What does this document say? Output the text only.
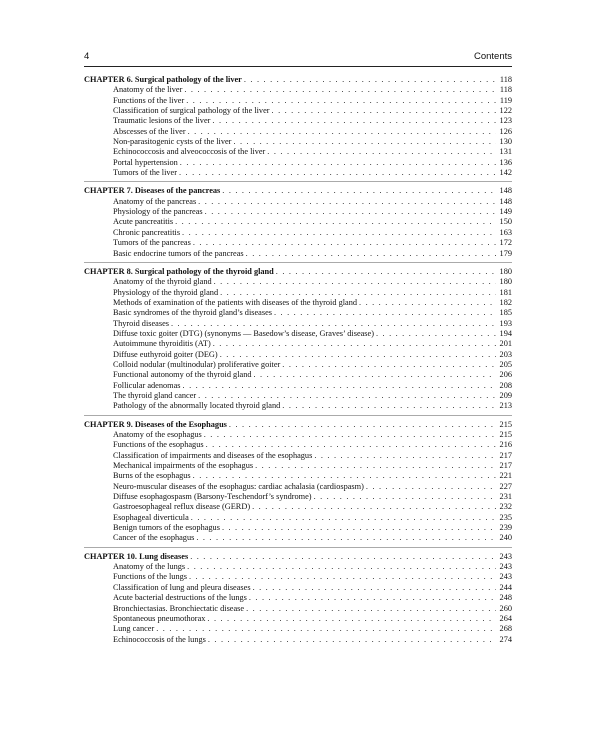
4	Contents
CHAPTER 6. Surgical pathology of the liver . . .	118
Anatomy of the liver . . .	118
Functions of the liver . . .	119
Classification of surgical pathology of the liver . . .	122
Traumatic lesions of the liver . . .	123
Abscesses of the liver . . .	126
Non-parasitogenic cysts of the liver . . .	130
Echinococcosis and alveococcosis of the liver . . .	131
Portal hypertension . . .	136
Tumors of the liver . . .	142
CHAPTER 7. Diseases of the pancreas . . .	148
Anatomy of the pancreas . . .	148
Physiology of the pancreas . . .	149
Acute pancreatitis . . .	150
Chronic pancreatitis . . .	163
Tumors of the pancreas . . .	172
Basic endocrine tumors of the pancreas . . .	179
CHAPTER 8. Surgical pathology of the thyroid gland . . .	180
Anatomy of the thyroid gland . . .	180
Physiology of the thyroid gland . . .	181
Methods of examination of the patients with diseases of the thyroid gland . . .	182
Basic syndromes of the thyroid gland’s diseases . . .	185
Thyroid diseases . . .	193
Diffuse toxic goiter (DTG) (synonyms — Basedow’s disease, Graves’ disease) . . .	194
Autoimmune thyroiditis (AT) . . .	201
Diffuse euthyroid goiter (DEG) . . .	203
Colloid nodular (multinodular) proliferative goiter . . .	205
Functional autonomy of the thyroid gland . . .	206
Follicular adenomas . . .	208
The thyroid gland cancer . . .	209
Pathology of the abnormally located thyroid gland . . .	213
CHAPTER 9. Diseases of the Esophagus . . .	215
Anatomy of the esophagus . . .	215
Functions of the esophagus . . .	216
Classification of impairments and diseases of the esophagus . . .	217
Mechanical impairments of the esophagus . . .	217
Burns of the esophagus . . .	221
Neuro-muscular diseases of the esophagus: cardiac achalasia (cardiospasm) . . .	227
Diffuse esophagospasm (Barsony-Teschendorf’s syndrome) . . .	231
Gastroesophageal reflux disease (GERD) . . .	232
Esophageal diverticula . . .	235
Benign tumors of the esophagus . . .	239
Cancer of the esophagus . . .	240
CHAPTER 10. Lung diseases . . .	243
Anatomy of the lungs . . .	243
Functions of the lungs . . .	243
Classification of lung and pleura diseases . . .	244
Acute bacterial destructions of the lungs . . .	248
Bronchiectasias. Bronchiectatic disease . . .	260
Spontaneous pneumothorax . . .	264
Lung cancer . . .	268
Echinococcosis of the lungs . . .	274
